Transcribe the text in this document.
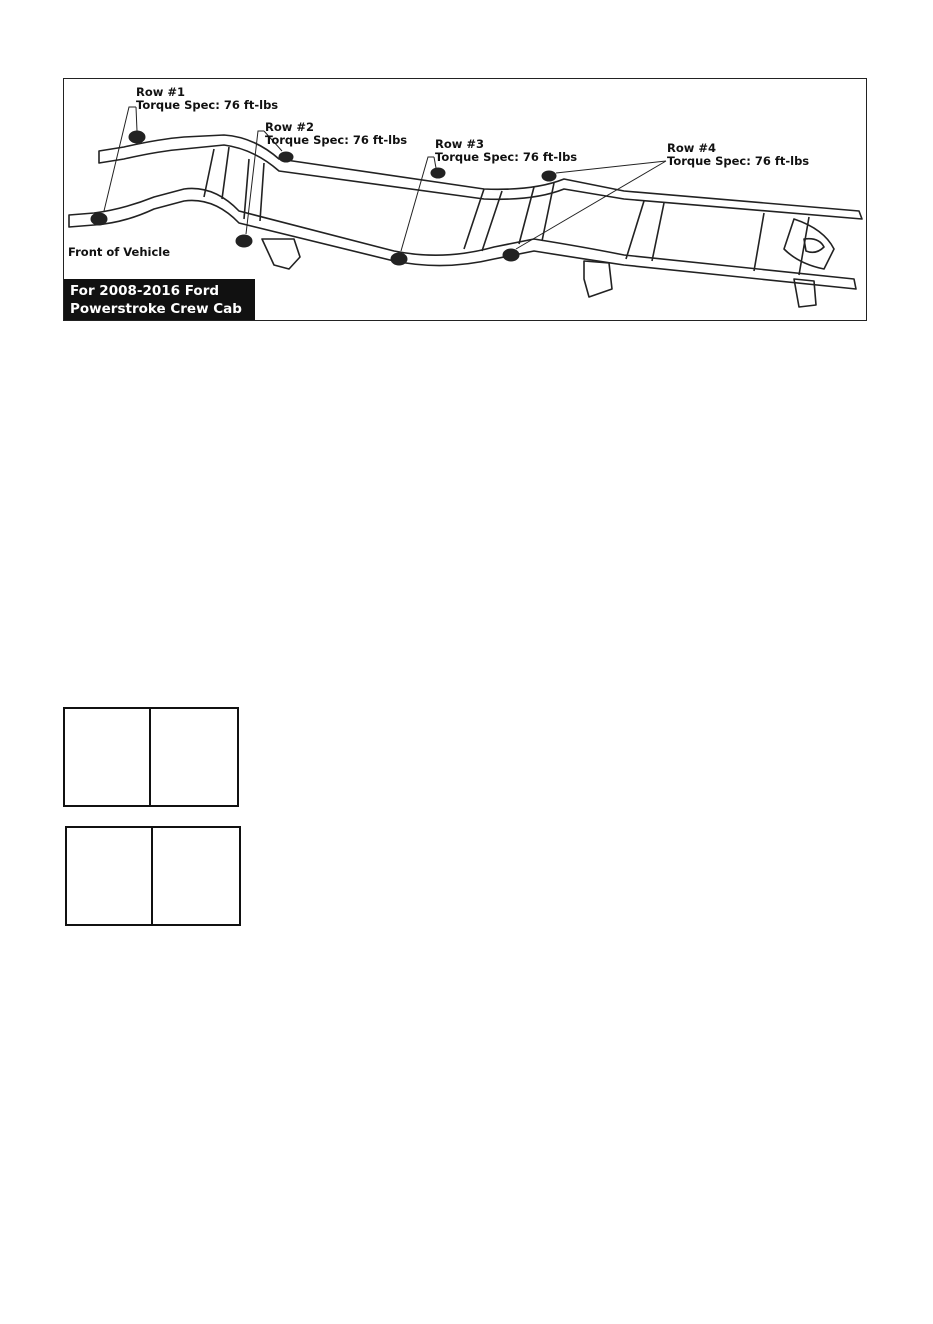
Row #1
Torque Spec: 76 ft-lbs
Row #2
Torque Spec: 76 ft-lbs Row #3
Torque Spec: 76 ft-lbs
Row #4
Torque Spec: 76 ft-lbs
Front of Vehicle
For 2008-2016 Ford
Powerstroke Crew Cab
